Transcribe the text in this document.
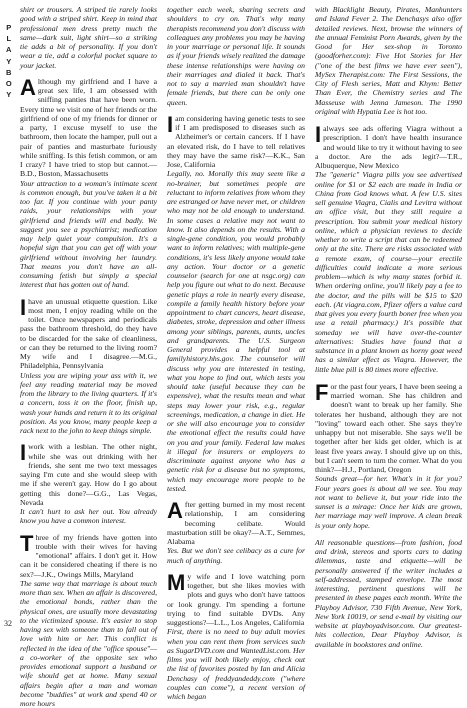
P
L
A
Y
B
O
Y
32

shirt or trousers. A striped tie rarely looks good with a striped shirt. Keep in mind that professional men dress pretty much the same—dark suit, light shirt—so a striking tie adds a bit of personality. If you don't wear a tie, add a colorful pocket square to your jacket.

A lthough my girlfriend and I have a great sex life, I am obsessed with sniffing panties that have been worn. Every time we visit one of her friends or the girlfriend of one of my friends for dinner or a party, I excuse myself to use the bathroom, then locate the hamper, pull out a pair of panties and masturbate furiously while sniffing. Is this fetish common, or am I crazy? I have tried to stop but cannot.—B.D., Boston, Massachusetts

Your attraction to a woman's intimate scent is common enough, but you've taken it a bit too far. If you continue with your panty raids, your relationships with your girlfriend and friends will end badly. We suggest you see a psychiatrist; medication may help quiet your compulsion. It's a hopeful sign that you can get off with your girlfriend without involving her laundry. That means you don't have an all-consuming fetish but simply a special interest that has gotten out of hand.

I have an unusual etiquette question. Like most men, I enjoy reading while on the toilet. Once newspapers and periodicals pass the bathroom threshold, do they have to be discarded for the sake of cleanliness, or can they be returned to the living room? My wife and I disagree.—M.G., Philadelphia, Pennsylvania

Unless you are wiping your ass with it, we feel any reading material may be moved from the library to the living quarters. If it's a concern, toss it on the floor, finish up, wash your hands and return it to its original position. As you know, many people keep a rack next to the john to keep things simple.

I work with a lesbian. The other night, while she was out drinking with her friends, she sent me two text messages saying I'm cute and she would sleep with me if she weren't gay. How do I go about getting this done?—G.G., Las Vegas, Nevada

It can't hurt to ask her out. You already know you have a common interest.

T hree of my friends have gotten into trouble with their wives for having "emotional" affairs. I don't get it. How can it be considered cheating if there is no sex?—J.K., Owings Mills, Maryland

The same way that marriage is about much more than sex. When an affair is discovered, the emotional bonds, rather than the physical ones, are usually more devastating to the victimized spouse. It's easier to stop having sex with someone than to fall out of love with him or her. This conflict is reflected in the idea of the "office spouse"—a co-worker of the opposite sex who provides emotional support a husband or wife should get at home. Many sexual affairs begin after a man and woman become "buddies" at work and spend 40 or more hours

together each week, sharing secrets and shoulders to cry on. That's why many therapists recommend you don't discuss with colleagues any problems you may be having in your marriage or personal life. It sounds as if your friends wisely realized the damage these intense relationships were having on their marriages and dialed it back. That's not to say a married man shouldn't have female friends, but there can be only one queen.

I am considering having genetic tests to see if I am predisposed to diseases such as Alzheimer's or certain cancers. If I have an elevated risk, do I have to tell relatives they may have the same risk?—K.K., San Jose, California

Legally, no. Morally this may seem like a no-brainer, but sometimes people are reluctant to inform relatives from whom they are estranged or have never met, or children who may not be old enough to understand. In some cases a relative may not want to know. It also depends on the results. With a single-gene condition, you would probably want to inform relatives; with multiple-gene conditions, it's less likely anyone would take any action. Your doctor or a genetic counselor (search for one at nsgc.org) can help you figure out what to do next. Because genetic plays a role in nearly every disease, compile a family health history before your appointment to chart cancers, heart disease, diabetes, stroke, depression and other illness among your siblings, parents, aunts, uncles and grandparents. The U.S. Surgeon General provides a helpful tool at familyhistory.hhs.gov. The counselor will discuss why you are interested in testing, what you hope to find out, which tests you should take (useful because they can be expensive), what the results mean and what steps may lower your risk, e.g., regular screenings, medication, a change in diet. He or she will also encourage you to consider the emotional effect the results could have on you and your family. Federal law makes it illegal for insurers or employers to discriminate against anyone who has a genetic risk for a disease but no symptoms, which may encourage more people to be tested.

A fter getting burned in my most recent relationship, I am considering becoming celibate. Would masturbation still be okay?—A.T., Semmes, Alabama

Yes. But we don't see celibacy as a cure for much of anything.

M y wife and I love watching porn together, but she likes movies with plots and guys who don't have tattoos or look grungy. I'm spending a fortune trying to find suitable DVDs. Any suggestions?—L.L., Los Angeles, California

First, there is no need to buy adult movies when you can rent them from services such as SugarDVD.com and WantedList.com. Her films you will both likely enjoy, check out the list of favorites posted by Ian and Alicia Denchasy of freddyandeddy.com ("where couples can come"), a recent version of which began

with Blacklight Beauty, Pirates, Manhunters and Island Fever 2. The Denchasys also offer detailed reviews. Next, browse the winners of the annual Feminist Porn Awards, given by the Good for Her sex-shop in Toronto (goodforher.com): Five Hot Stories for Her ("one of the best films we have ever seen"), MySex Therapist.com: The First Sessions, the City of Flesh series, Matt and Khym: Better Than Ever, the Chemistry series and The Masseuse with Jenna Jameson. The 1990 original with Hypatia Lee is hot too.

I always see ads offering Viagra without a prescription. I don't have health insurance and would like to try it without having to see a doctor. Are the ads legit?—T.R., Albuquerque, New Mexico

The "generic" Viagra pills you see advertised online for $1 or $2 each are made in India or China from God knows what. A few U.S. sites sell genuine Viagra, Cialis and Levitra without an office visit, but they still require a prescription. You submit your medical history online, which a physician reviews to decide whether to write a script that can be redeemed only at the site. There are risks associated with a remote exam, of course—your erectile difficulties could indicate a more serious problem—which is why many states forbid it. When ordering online, you'll likely pay a fee to the doctor, and the pills will be $15 to $20 each. (At viagra.com, Pfizer offers a value card that gives you every fourth boner free when you use a retail pharmacy.) It's possible that someday we will have over-the-counter alternatives: Studies have found that a substance in a plant known as horny goat weed has a similar effect as Viagra. However, the little blue pill is 80 times more effective.

F or the past four years, I have been seeing a married woman. She has children and doesn't want to break up her family. She tolerates her husband, although they are not "loving" toward each other. She says they're unhappy but not miserable. She says we'll be together after her kids get older, which is at least five years away. I should give up on this, but I can't seem to turn the corner. What do you think?—H.J., Portland, Oregon

Sounds great—for her. What's in it for you? Four years goes is about all we see. You may not want to believe it, but your ride into the sunset is a mirage: Once her kids are grown, her marriage may well improve. A clean break is your only hope.

All reasonable questions—from fashion, food and drink, stereos and sports cars to dating dilemmas, taste and etiquette—will be personally answered if the writer includes a self-addressed, stamped envelope. The most interesting, pertinent questions will be presented in these pages each month. Write the Playboy Advisor, 730 Fifth Avenue, New York, New York 10019, or send e-mail by visiting our website at playboyadvisor.com. Our greatest-hits collection, Dear Playboy Advisor, is available in bookstores and online.
